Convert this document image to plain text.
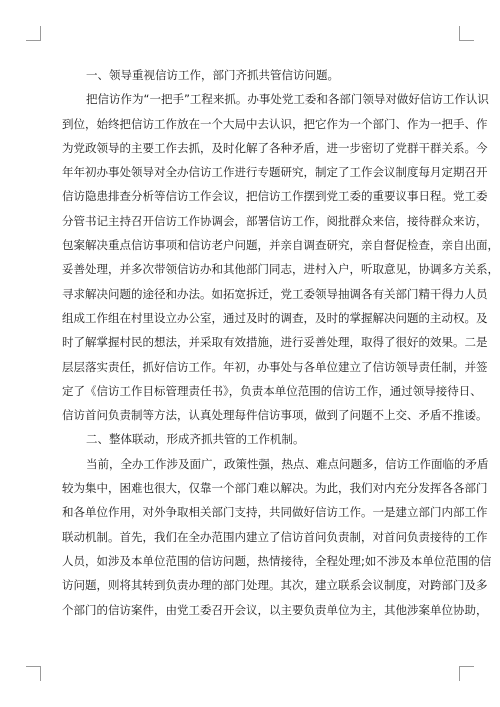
一、领导重视信访工作，部门齐抓共管信访问题。
把信访作为“一把手”工程来抓。办事处党工委和各部门领导对做好信访工作认识
到位，始终把信访工作放在一个大局中去认识，把它作为一个部门、作为一把手、作
为党政领导的主要工作去抓，及时化解了各种矛盾，进一步密切了党群干群关系。今
年年初办事处领导对全办信访工作进行专题研究，制定了工作会议制度每月定期召开
信访隐患排查分析等信访工作会议，把信访工作摆到党工委的重要议事日程。党工委
分管书记主持召开信访工作协调会，部署信访工作，阅批群众来信，接待群众来访，
包案解决重点信访事项和信访老户问题，并亲自调查研究，亲自督促检查，亲自出面，
妥善处理，并多次带领信访办和其他部门同志，进村入户，听取意见，协调多方关系，
寻求解决问题的途径和办法。如拓宽拆迁，党工委领导抽调各有关部门精干得力人员
组成工作组在村里设立办公室，通过及时的调查，及时的掌握解决问题的主动权。及
时了解掌握村民的想法，并采取有效措施，进行妥善处理，取得了很好的效果。二是
层层落实责任，抓好信访工作。年初，办事处与各单位建立了信访领导责任制，并签
定了《信访工作目标管理责任书》，负责本单位范围的信访工作，通过领导接待日、
信访首问负责制等方法，认真处理每件信访事项，做到了问题不上交、矛盾不推诿。
二、整体联动，形成齐抓共管的工作机制。
当前，全办工作涉及面广，政策性强，热点、难点问题多，信访工作面临的矛盾
较为集中，困难也很大，仅靠一个部门难以解决。为此，我们对内充分发挥各各部门
和各单位作用，对外争取相关部门支持，共同做好信访工作。一是建立部门内部工作
联动机制。首先，我们在全办范围内建立了信访首问负责制，对首问负责接待的工作
人员，如涉及本单位范围的信访问题，热情接待，全程处理;如不涉及本单位范围的信
访问题，则将其转到负责办理的部门处理。其次，建立联系会议制度，对跨部门及多
个部门的信访案件，由党工委召开会议，以主要负责单位为主，其他涉案单位协助，
